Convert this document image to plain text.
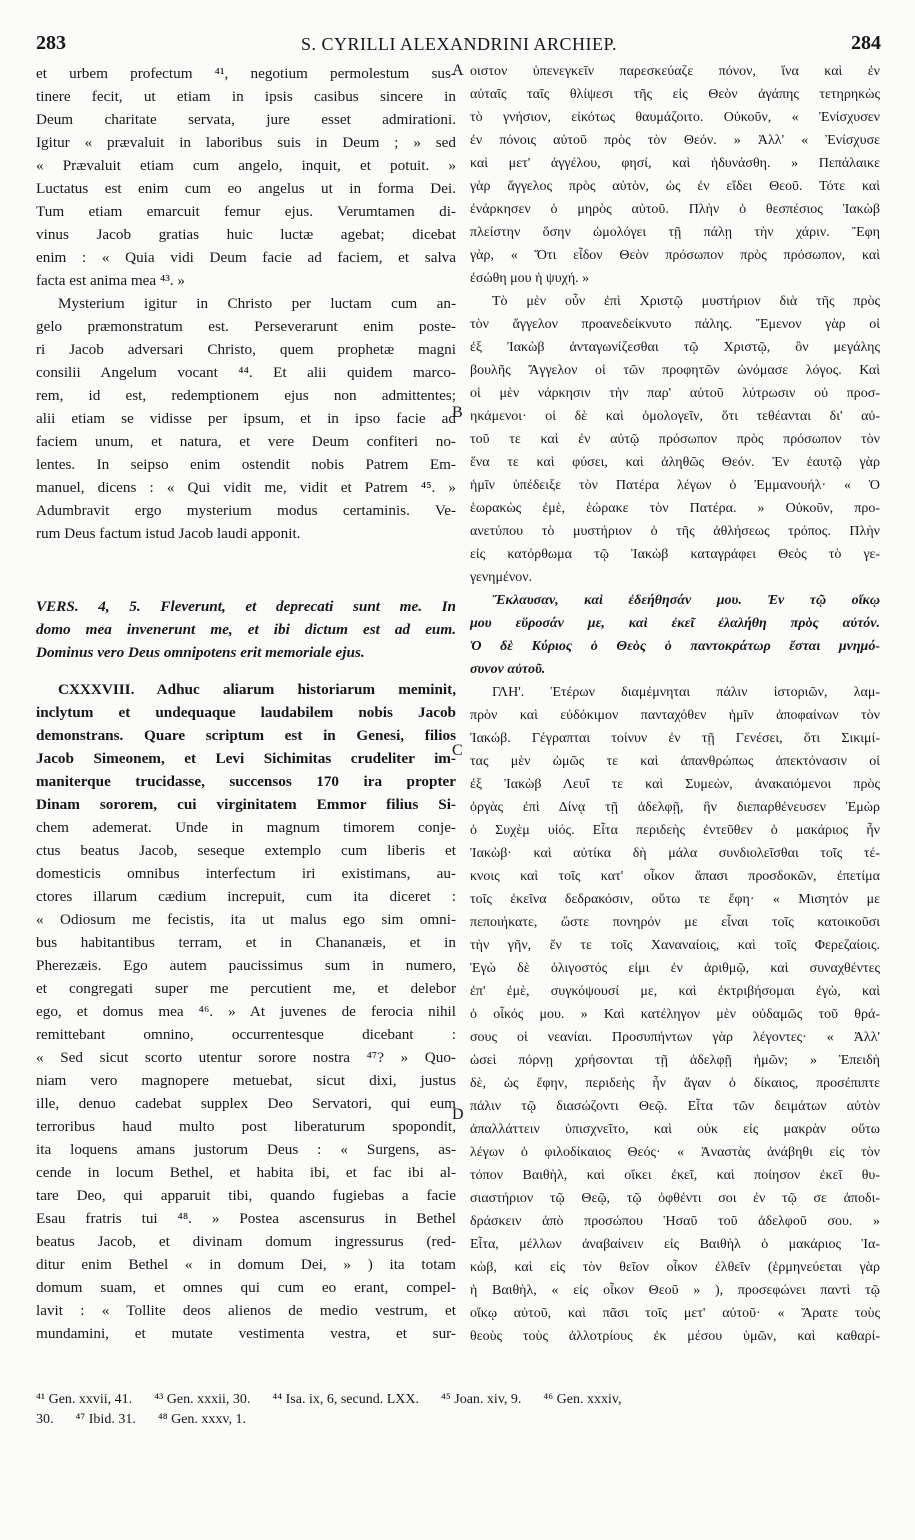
283	S. CYRILLI ALEXANDRINI ARCHIEP.	284
A
B
C
D
et urbem profectum ⁴¹, negotium permolestum sus-
tinere fecit, ut etiam in ipsis casibus sincere in
Deum charitate servata, jure esset admirationi.
Igitur « prævaluit in laboribus suis in Deum ; » sed
« Prævaluit etiam cum angelo, inquit, et potuit. »
Luctatus est enim cum eo angelus ut in forma Dei.
Tum etiam emarcuit femur ejus. Verumtamen di-
vinus Jacob gratias huic luctæ agebat; dicebat
enim : « Quia vidi Deum facie ad faciem, et salva
facta est anima mea ⁴³. »
Mysterium igitur in Christo per luctam cum an-
gelo præmonstratum est. Perseverarunt enim poste-
ri Jacob adversari Christo, quem prophetæ magni
consilii Angelum vocant ⁴⁴. Et alii quidem marco-
rem, id est, redemptionem ejus non admittentes;
alii etiam se vidisse per ipsum, et in ipso facie ad
faciem unum, et natura, et vere Deum confiteri no-
lentes. In seipso enim ostendit nobis Patrem Em-
manuel, dicens : « Qui vidit me, vidit et Patrem ⁴⁵. »
Adumbravit ergo mysterium modus certaminis. Ve-
rum Deus factum istud Jacob laudi apponit.
VERS. 4, 5. Fleverunt, et deprecati sunt me. In
domo mea invenerunt me, et ibi dictum est ad eum.
Dominus vero Deus omnipotens erit memoriale ejus.
CXXXVIII. Adhuc aliarum historiarum meminit,
inclytum et undequaque laudabilem nobis Jacob
demonstrans. Quare scriptum est in Genesi, filios
Jacob Simeonem, et Levi Sichimitas crudeliter im-
maniterque trucidasse, succensos 170 ira propter
Dinam sororem, cui virginitatem Emmor filius Si-
chem ademerat. Unde in magnum timorem conje-
ctus beatus Jacob, seseque extemplo cum liberis et
domesticis omnibus interfectum iri existimans, au-
ctores illarum cædium increpuit, cum ita diceret :
« Odiosum me fecistis, ita ut malus ego sim omni-
bus habitantibus terram, et in Chananæis, et in
Pherezæis. Ego autem paucissimus sum in numero,
et congregati super me percutient me, et delebor
ego, et domus mea ⁴⁶. » At juvenes de ferocia nihil
remittebant omnino, occurrentesque dicebant :
« Sed sicut scorto utentur sorore nostra ⁴⁷? » Quo-
niam vero magnopere metuebat, sicut dixi, justus
ille, denuo cadebat supplex Deo Servatori, qui eum
terroribus haud multo post liberaturum spopondit,
ita loquens amans justorum Deus : « Surgens, as-
cende in locum Bethel, et habita ibi, et fac ibi al-
tare Deo, qui apparuit tibi, quando fugiebas a facie
Esau fratris tui ⁴⁸. » Postea ascensurus in Bethel
beatus Jacob, et divinam domum ingressurus (red-
ditur enim Bethel « in domum Dei, » ) ita totam
domum suam, et omnes qui cum eo erant, compel-
lavit : « Tollite deos alienos de medio vestrum, et
mundamini, et mutate vestimenta vestra, et sur-
οιστον ὑπενεγκεῖν παρεσκεύαζε πόνον, ἵνα καὶ ἐν
αὐταῖς ταῖς θλίψεσι τῆς εἰς Θεὸν ἀγάπης τετηρηκὼς
τὸ γνήσιον, εἰκότως θαυμάζοιτο. Οὐκοῦν, « Ἐνίσχυσεν
ἐν πόνοις αὐτοῦ πρὸς τὸν Θεόν. » Ἀλλ' « Ἐνίσχυσε
καὶ μετ' ἀγγέλου, φησί, καὶ ἠδυνάσθη. » Πεπάλαικε
γὰρ ἄγγελος πρὸς αὐτὸν, ὡς ἐν εἴδει Θεοῦ. Τότε καὶ
ἐνάρκησεν ὁ μηρὸς αὐτοῦ. Πλὴν ὁ θεσπέσιος Ἰακὼβ
πλείστην ὅσην ὡμολόγει τῇ πάλῃ τὴν χάριν. Ἔφη
γὰρ, « Ὅτι εἶδον Θεὸν πρόσωπον πρὸς πρόσωπον, καὶ
ἐσώθη μου ἡ ψυχή. »
Τὸ μὲν οὖν ἐπὶ Χριστῷ μυστήριον διὰ τῆς πρὸς
τὸν ἄγγελον προανεδείκνυτο πάλης. Ἔμενον γὰρ οἱ
ἐξ Ἰακὼβ ἀνταγωνίζεσθαι τῷ Χριστῷ, ὃν μεγάλης
βουλῆς Ἄγγελον οἱ τῶν προφητῶν ὠνόμασε λόγος. Καὶ
οἱ μὲν νάρκησιν τὴν παρ' αὐτοῦ λύτρωσιν οὐ προσ-
ηκάμενοι· οἱ δὲ καὶ ὁμολογεῖν, ὅτι τεθέανται δι' αὐ-
τοῦ τε καὶ ἐν αὐτῷ πρόσωπον πρὸς πρόσωπον τὸν
ἕνα τε καὶ φύσει, καὶ ἀληθῶς Θεόν. Ἐν ἑαυτῷ γὰρ
ἡμῖν ὑπέδειξε τὸν Πατέρα λέγων ὁ Ἐμμανουήλ· « Ὁ
ἑωρακὼς ἐμὲ, ἑώρακε τὸν Πατέρα. » Οὐκοῦν, προ-
ανετύπου τὸ μυστήριον ὁ τῆς ἀθλήσεως τρόπος. Πλὴν
εἰς κατόρθωμα τῷ Ἰακὼβ καταγράφει Θεὸς τὸ γε-
γενημένον.
Ἔκλαυσαν, καὶ ἐδεήθησάν μου. Ἐν τῷ οἴκῳ
μου εὕροσάν με, καὶ ἐκεῖ ἐλαλήθη πρὸς αὐτόν.
Ὁ δὲ Κύριος ὁ Θεὸς ὁ παντοκράτωρ ἔσται μνημό-
συνον αὐτοῦ.
ΓΛΗ'. Ἑτέρων διαμέμνηται πάλιν ἱστοριῶν, λαμ-
πρὸν καὶ εὐδόκιμον πανταχόθεν ἡμῖν ἀποφαίνων τὸν
Ἰακώβ. Γέγραπται τοίνυν ἐν τῇ Γενέσει, ὅτι Σικιμί-
τας μὲν ὠμῶς τε καὶ ἀπανθρώπως ἀπεκτόνασιν οἱ
ἐξ Ἰακὼβ Λευΐ τε καὶ Συμεὼν, ἀνακαιόμενοι πρὸς
ὀργὰς ἐπὶ Δίνᾳ τῇ ἀδελφῇ, ἣν διεπαρθένευσεν Ἐμὼρ
ὁ Συχὲμ υἱός. Εἶτα περιδεὴς ἐντεῦθεν ὁ μακάριος ἦν
Ἰακὼβ· καὶ αὐτίκα δὴ μάλα συνδιολεῖσθαι τοῖς τέ-
κνοις καὶ τοῖς κατ' οἶκον ἅπασι προσδοκῶν, ἐπετίμα
τοῖς ἐκεῖνα δεδρακόσιν, οὕτω τε ἔφη· « Μισητόν με
πεποιήκατε, ὥστε πονηρόν με εἶναι τοῖς κατοικοῦσι
τὴν γῆν, ἔν τε τοῖς Χαναναίοις, καὶ τοῖς Φερεζαίοις.
Ἐγὼ δὲ ὀλιγοστός εἰμι ἐν ἀριθμῷ, καὶ συναχθέντες
ἐπ' ἐμὲ, συγκόψουσί με, καὶ ἐκτριβήσομαι ἐγὼ, καὶ
ὁ οἶκός μου. » Καὶ κατέληγον μὲν οὐδαμῶς τοῦ θρά-
σους οἱ νεανίαι. Προσυπήντων γὰρ λέγοντες· « Ἀλλ'
ὡσεὶ πόρνῃ χρήσονται τῇ ἀδελφῇ ἡμῶν; » Ἐπειδὴ
δὲ, ὡς ἔφην, περιδεὴς ἦν ἄγαν ὁ δίκαιος, προσέπιπτε
πάλιν τῷ διασώζοντι Θεῷ. Εἶτα τῶν δειμάτων αὐτὸν
ἀπαλλάττειν ὑπισχνεῖτο, καὶ οὐκ εἰς μακρὰν οὕτω
λέγων ὁ φιλοδίκαιος Θεός· « Ἀναστὰς ἀνάβηθι εἰς τὸν
τόπον Βαιθὴλ, καὶ οἴκει ἐκεῖ, καὶ ποίησον ἐκεῖ θυ-
σιαστήριον τῷ Θεῷ, τῷ ὀφθέντι σοι ἐν τῷ σε ἀποδι-
δράσκειν ἀπὸ προσώπου Ἡσαῦ τοῦ ἀδελφοῦ σου. »
Εἶτα, μέλλων ἀναβαίνειν εἰς Βαιθὴλ ὁ μακάριος Ἰα-
κὼβ, καὶ εἰς τὸν θεῖον οἶκον ἐλθεῖν (ἑρμηνεύεται γὰρ
ἡ Βαιθὴλ, « εἰς οἶκον Θεοῦ » ), προσεφώνει παντὶ τῷ
οἴκῳ αὐτοῦ, καὶ πᾶσι τοῖς μετ' αὐτοῦ· « Ἄρατε τοὺς
θεοὺς τοὺς ἀλλοτρίους ἐκ μέσου ὑμῶν, καὶ καθαρί-
⁴¹ Gen. xxvii, 41. ⁴³ Gen. xxxii, 30. ⁴⁴ Isa. ix, 6, secund. LXX. ⁴⁵ Joan. xiv, 9. ⁴⁶ Gen. xxxiv,
30. ⁴⁷ Ibid. 31. ⁴⁸ Gen. xxxv, 1.
